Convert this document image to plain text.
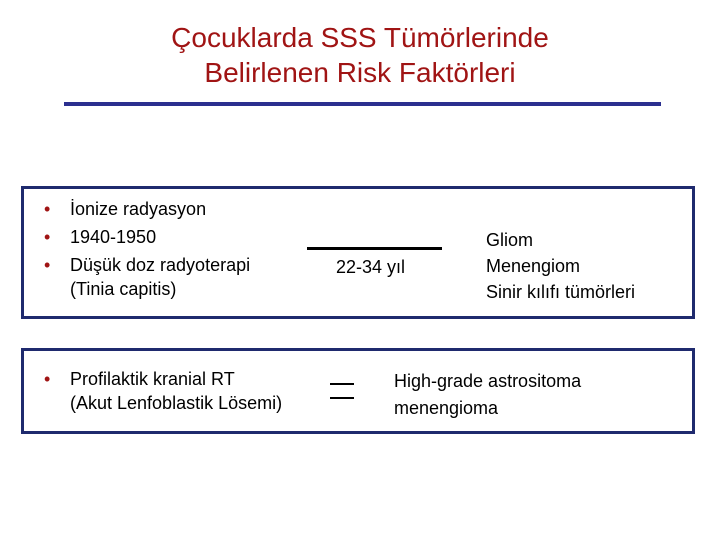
Çocuklarda SSS Tümörlerinde
Belirlenen Risk Faktörleri
• İonize radyasyon
• 1940-1950
• Düşük doz radyoterapi
(Tinia capitis)
22-34 yıl
Gliom
Menengiom
Sinir kılıfı tümörleri
• Profilaktik kranial RT
(Akut Lenfoblastik Lösemi)
High-grade astrositoma
menengioma
